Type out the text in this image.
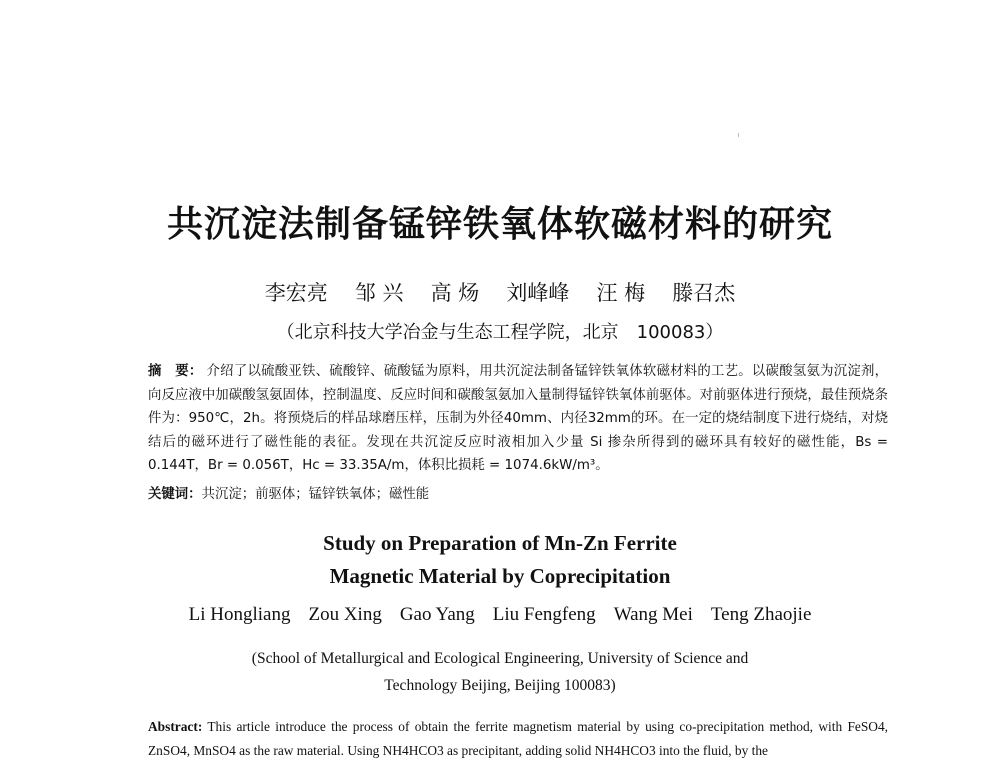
共沉淀法制备锰锌铁氧体软磁材料的研究
李宏亮 邹 兴 高 炀 刘峰峰 汪 梅 滕召杰
（北京科技大学冶金与生态工程学院，北京　100083）
摘　要： 介绍了以硫酸亚铁、硫酸锌、硫酸锰为原料，用共沉淀法制备锰锌铁氧体软磁材料的工艺。以碳酸氢氨为沉淀剂，向反应液中加碳酸氢氨固体，控制温度、反应时间和碳酸氢氨加入量制得锰锌铁氧体前驱体。对前驱体进行预烧，最佳预烧条件为：950℃，2h。将预烧后的样品球磨压样，压制为外径40mm、内径32mm的环。在一定的烧结制度下进行烧结，对烧结后的磁环进行了磁性能的表征。发现在共沉淀反应时液相加入少量 Si 掺杂所得到的磁环具有较好的磁性能，Bs = 0.144T，Br = 0.056T，Hc = 33.35A/m，体积比损耗 = 1074.6kW/m³。
关键词：共沉淀；前驱体；锰锌铁氧体；磁性能
Study on Preparation of Mn-Zn Ferrite
Magnetic Material by Coprecipitation
Li Hongliang Zou Xing Gao Yang Liu Fengfeng Wang Mei Teng Zhaojie
(School of Metallurgical and Ecological Engineering, University of Science and
Technology Beijing, Beijing 100083)
Abstract: This article introduce the process of obtain the ferrite magnetism material by using co-precipitation method, with FeSO4, ZnSO4, MnSO4 as the raw material. Using NH4HCO3 as precipitant, adding solid NH4HCO3 into the fluid, by the
